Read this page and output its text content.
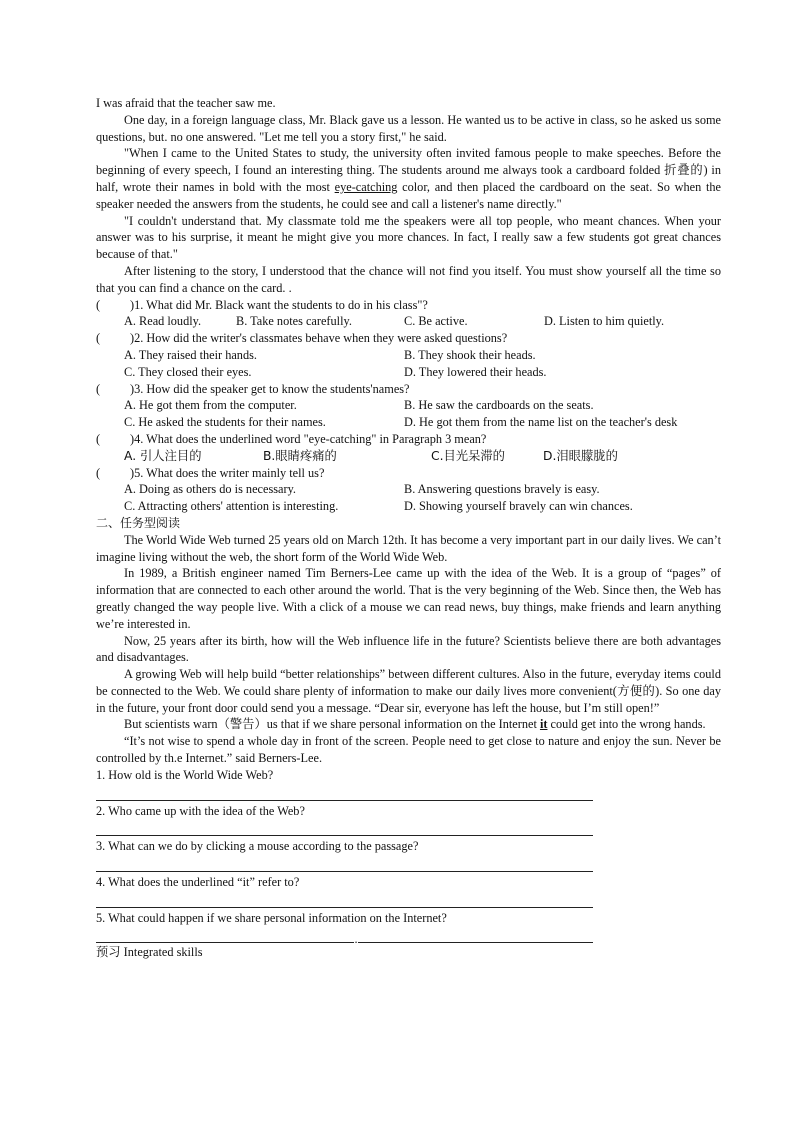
I was afraid that the teacher saw me.

One day, in a foreign language class, Mr. Black gave us a lesson. He wanted us to be active in class, so he asked us some questions, but. no one answered. "Let me tell you a story first," he said.

"When I came to the United States to study, the university often invited famous people to make speeches. Before the beginning of every speech, I found an interesting thing. The students around me always took a cardboard folded 折叠的) in half, wrote their names in bold with the most eye-catching color, and then placed the cardboard on the seat. So when the speaker needed the answers from the students, he could see and call a listener's name directly."

"I couldn't understand that. My classmate told me the speakers were all top people, who meant chances. When your answer was to his surprise, it meant he might give you more chances. In fact, I really saw a few students got great chances because of that."

After listening to the story, I understood that the chance will not find you itself. You must show yourself all the time so that you can find a chance on the card. .

(	)1. What did Mr. Black want the students to do in his class"?
A. Read loudly.	B. Take notes carefully.	C. Be active.	D. Listen to him quietly.
(	)2. How did the writer's classmates behave when they were asked questions?
A. They raised their hands.	B. They shook their heads.
C. They closed their eyes.	D. They lowered their heads.
(	)3. How did the speaker get to know the students'names?
A. He got them from the computer.	B. He saw the cardboards on the seats.
C. He asked the students for their names.	D. He got them from the name list on the teacher's desk
(	)4. What does the underlined word "eye-catching" in Paragraph 3 mean?
A. 引人注目的	B.眼睛疼痛的	C.目光呆滞的	D.泪眼朦胧的
(	)5. What does the writer mainly tell us?
A. Doing as others do is necessary.	B. Answering questions bravely is easy.
C. Attracting others' attention is interesting.	D. Showing yourself bravely can win chances.

二、任务型阅读

The World Wide Web turned 25 years old on March 12th. It has become a very important part in our daily lives. We can’t imagine living without the web, the short form of the World Wide Web.

In 1989, a British engineer named Tim Berners-Lee came up with the idea of the Web. It is a group of “pages” of information that are connected to each other around the world. That is the very beginning of the Web. Since then, the Web has greatly changed the way people live. With a click of a mouse we can read news, buy things, make friends and learn anything we’re interested in.

Now, 25 years after its birth, how will the Web influence life in the future? Scientists believe there are both advantages and disadvantages.

A growing Web will help build “better relationships” between different cultures. Also in the future, everyday items could be connected to the Web. We could share plenty of information to make our daily lives more convenient(方便的). So one day in the future, your front door could send you a message. “Dear sir, everyone has left the house, but I’m still open!”

But scientists warn（警告）us that if we share personal information on the Internet it could get into the wrong hands.

“It’s not wise to spend a whole day in front of the screen. People need to get close to nature and enjoy the sun. Never be controlled by th.e Internet.” said Berners-Lee.

1. How old is the World Wide Web?

2. Who came up with the idea of the Web?

3. What can we do by clicking a mouse according to the passage?

4. What does the underlined “it” refer to?

5. What could happen if we share personal information on the Internet?

.

预习 Integrated skills
